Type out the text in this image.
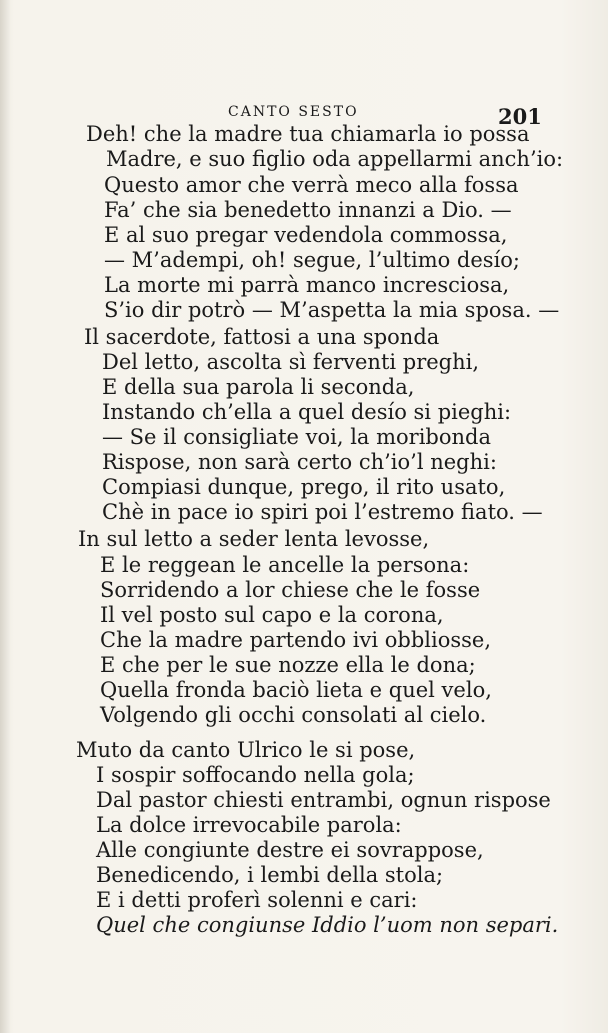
CANTO SESTO	201
Deh! che la madre tua chiamarla io possa
Madre, e suo figlio oda appellarmi anch’io:
Questo amor che verrà meco alla fossa
Fa’ che sia benedetto innanzi a Dio. —
E al suo pregar vedendola commossa,
— M’adempi, oh! segue, l’ultimo desío;
La morte mi parrà manco incresciosa,
S’io dir potrò — M’aspetta la mia sposa. —
Il sacerdote, fattosi a una sponda
Del letto, ascolta sì ferventi preghi,
E della sua parola li seconda,
Instando ch’ella a quel desío si pieghi:
— Se il consigliate voi, la moribonda
Rispose, non sarà certo ch’io’l neghi:
Compiasi dunque, prego, il rito usato,
Chè in pace io spiri poi l’estremo fiato. —
In sul letto a seder lenta levosse,
E le reggean le ancelle la persona:
Sorridendo a lor chiese che le fosse
Il vel posto sul capo e la corona,
Che la madre partendo ivi obbliosse,
E che per le sue nozze ella le dona;
Quella fronda baciò lieta e quel velo,
Volgendo gli occhi consolati al cielo.
Muto da canto Ulrico le si pose,
I sospir soffocando nella gola;
Dal pastor chiesti entrambi, ognun rispose
La dolce irrevocabile parola:
Alle congiunte destre ei sovrappose,
Benedicendo, i lembi della stola;
E i detti proferì solenni e cari:
Quel che congiunse Iddio l’uom non separi.
